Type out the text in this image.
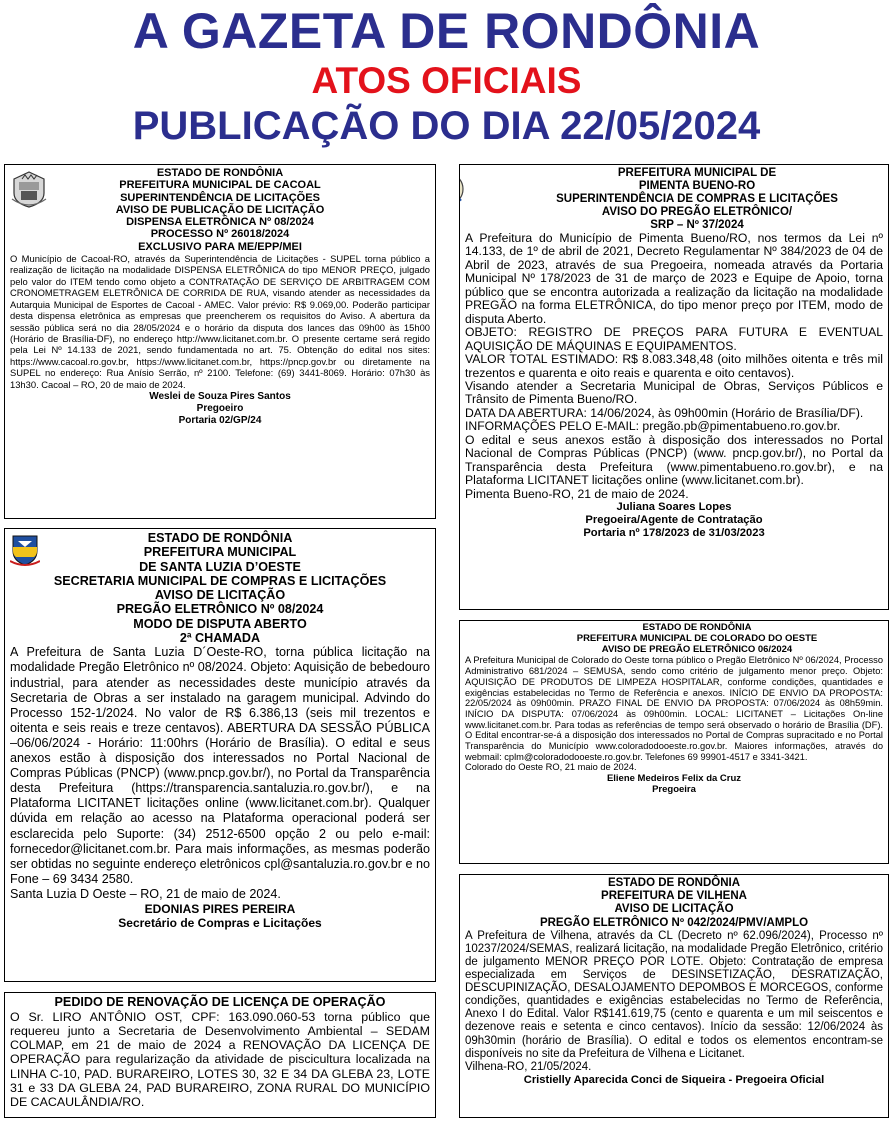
A GAZETA DE RONDÔNIA
ATOS OFICIAIS
PUBLICAÇÃO DO DIA 22/05/2024
ESTADO DE RONDÔNIA
PREFEITURA MUNICIPAL DE CACOAL
SUPERINTENDÊNCIA DE LICITAÇÕES
AVISO DE PUBLICAÇÃO DE LICITAÇÃO
DISPENSA ELETRÔNICA Nº 08/2024
PROCESSO Nº 26018/2024
EXCLUSIVO PARA ME/EPP/MEI
O Município de Cacoal-RO, através da Superintendência de Licitações - SUPEL torna público a realização de licitação na modalidade DISPENSA ELETRÔNICA do tipo MENOR PREÇO, julgado pelo valor do ITEM tendo como objeto a CONTRATAÇÃO DE SERVIÇO DE ARBITRAGEM COM CRONOMETRAGEM ELETRÔNICA DE CORRIDA DE RUA, visando atender as necessidades da Autarquia Municipal de Esportes de Cacoal - AMEC. Valor prévio: R$ 9.069,00. Poderão participar desta dispensa eletrônica as empresas que preencherem os requisitos do Aviso. A abertura da sessão pública será no dia 28/05/2024 e o horário da disputa dos lances das 09h00 às 15h00 (Horário de Brasília-DF), no endereço http://www.licitanet.com.br. O presente certame será regido pela Lei Nº 14.133 de 2021, sendo fundamentada no art. 75. Obtenção do edital nos sites: https://www.cacoal.ro.gov.br, https://www.licitanet.com.br, https://pncp.gov.br ou diretamente na SUPEL no endereço: Rua Anísio Serrão, nº 2100. Telefone: (69) 3441-8069. Horário: 07h30 às 13h30. Cacoal – RO, 20 de maio de 2024.
Weslei de Souza Pires Santos
Pregoeiro
Portaria 02/GP/24
ESTADO DE RONDÔNIA
PREFEITURA MUNICIPAL
DE SANTA LUZIA D’OESTE
SECRETARIA MUNICIPAL DE COMPRAS E LICITAÇÕES
AVISO DE LICITAÇÃO
PREGÃO ELETRÔNICO Nº 08/2024
MODO DE DISPUTA ABERTO
2ª CHAMADA
A Prefeitura de Santa Luzia D´Oeste-RO, torna pública licitação na modalidade Pregão Eletrônico nº 08/2024. Objeto: Aquisição de bebedouro industrial, para atender as necessidades deste município através da Secretaria de Obras a ser instalado na garagem municipal. Advindo do Processo 152-1/2024. No valor de R$ 6.386,13 (seis mil trezentos e oitenta e seis reais e treze centavos). ABERTURA DA SESSÃO PÚBLICA –06/06/2024 - Horário: 11:00hrs (Horário de Brasília). O edital e seus anexos estão à disposição dos interessados no Portal Nacional de Compras Públicas (PNCP) (www.pncp.gov.br/), no Portal da Transparência desta Prefeitura (https://transparencia.santaluzia.ro.gov.br/), e na Plataforma LICITANET licitações online (www.licitanet.com.br). Qualquer dúvida em relação ao acesso na Plataforma operacional poderá ser esclarecida pelo Suporte: (34) 2512-6500 opção 2 ou pelo e-mail: fornecedor@licitanet.com.br. Para mais informações, as mesmas poderão ser obtidas no seguinte endereço eletrônicos cpl@santaluzia.ro.gov.br e no Fone – 69 3434 2580.
Santa Luzia D Oeste – RO, 21 de maio de 2024.
EDONIAS PIRES PEREIRA
Secretário de Compras e Licitações
PEDIDO DE RENOVAÇÃO DE LICENÇA DE OPERAÇÃO
O Sr. LIRO ANTÔNIO OST, CPF: 163.090.060-53 torna público que requereu junto a Secretaria de Desenvolvimento Ambiental – SEDAM COLMAP, em 21 de maio de 2024 a RENOVAÇÃO DA LICENÇA DE OPERAÇÃO para regularização da atividade de piscicultura localizada na LINHA C-10, PAD. BURAREIRO, LOTES 30, 32 E 34 DA GLEBA 23, LOTE 31 e 33 DA GLEBA 24, PAD BURAREIRO, ZONA RURAL DO MUNICÍPIO DE CACAULÂNDIA/RO.
PREFEITURA MUNICIPAL DE
PIMENTA BUENO-RO
SUPERINTENDÊNCIA DE COMPRAS E LICITAÇÕES
AVISO DO PREGÃO ELETRÔNICO/
SRP – Nº 37/2024
A Prefeitura do Município de Pimenta Bueno/RO, nos termos da Lei nº 14.133, de 1º de abril de 2021, Decreto Regulamentar Nº 384/2023 de 04 de Abril de 2023, através de sua Pregoeira, nomeada através da Portaria Municipal Nº 178/2023 de 31 de março de 2023 e Equipe de Apoio, torna público que se encontra autorizada a realização da licitação na modalidade PREGÃO na forma ELETRÔNICA, do tipo menor preço por ITEM, modo de disputa Aberto.
OBJETO: REGISTRO DE PREÇOS PARA FUTURA E EVENTUAL AQUISIÇÃO DE MÁQUINAS E EQUIPAMENTOS.
VALOR TOTAL ESTIMADO: R$ 8.083.348,48 (oito milhões oitenta e três mil trezentos e quarenta e oito reais e quarenta e oito centavos).
Visando atender a Secretaria Municipal de Obras, Serviços Públicos e Trânsito de Pimenta Bueno/RO.
DATA DA ABERTURA: 14/06/2024, às 09h00min (Horário de Brasília/DF).
INFORMAÇÕES PELO E-MAIL: pregão.pb@pimentabueno.ro.gov.br.
O edital e seus anexos estão à disposição dos interessados no Portal Nacional de Compras Públicas (PNCP) (www. pncp.gov.br/), no Portal da Transparência desta Prefeitura (www.pimentabueno.ro.gov.br), e na Plataforma LICITANET licitações online (www.licitanet.com.br).
Pimenta Bueno-RO, 21 de maio de 2024.
Juliana Soares Lopes
Pregoeira/Agente de Contratação
Portaria nº 178/2023 de 31/03/2023
ESTADO DE RONDÔNIA
PREFEITURA MUNICIPAL DE COLORADO DO OESTE
AVISO DE PREGÃO ELETRÔNICO 06/2024
A Prefeitura Municipal de Colorado do Oeste torna público o Pregão Eletrônico Nº 06/2024, Processo Administrativo 681/2024 – SEMUSA, sendo como critério de julgamento menor preço. Objeto: AQUISIÇÃO DE PRODUTOS DE LIMPEZA HOSPITALAR, conforme condições, quantidades e exigências estabelecidas no Termo de Referência e anexos. INÍCIO DE ENVIO DA PROPOSTA: 22/05/2024 às 09h00min. PRAZO FINAL DE ENVIO DA PROPOSTA: 07/06/2024 às 08h59min. INÍCIO DA DISPUTA: 07/06/2024 às 09h00min. LOCAL: LICITANET – Licitações On-line www.licitanet.com.br. Para todas as referências de tempo será observado o horário de Brasília (DF). O Edital encontrar-se-á a disposição dos interessados no Portal de Compras supracitado e no Portal Transparência do Município www.coloradodooeste.ro.gov.br. Maiores informações, através do webmail: cplm@coloradodooeste.ro.gov.br. Telefones 69 99901-4517 e 3341-3421.
Colorado do Oeste RO, 21 maio de 2024.
Eliene Medeiros Felix da Cruz
Pregoeira
ESTADO DE RONDÔNIA
PREFEITURA DE VILHENA
AVISO DE LICITAÇÃO
PREGÃO ELETRÔNICO Nº 042/2024/PMV/AMPLO
A Prefeitura de Vilhena, através da CL (Decreto nº 62.096/2024), Processo nº 10237/2024/SEMAS, realizará licitação, na modalidade Pregão Eletrônico, critério de julgamento MENOR PREÇO POR LOTE. Objeto: Contratação de empresa especializada em Serviços de DESINSETIZAÇÃO, DESRATIZAÇÃO, DESCUPINIZAÇÃO, DESALOJAMENTO DEPOMBOS E MORCEGOS, conforme condições, quantidades e exigências estabelecidas no Termo de Referência, Anexo I do Edital. Valor R$141.619,75 (cento e quarenta e um mil seiscentos e dezenove reais e setenta e cinco centavos). Início da sessão: 12/06/2024 às 09h30min (horário de Brasília). O edital e todos os elementos encontram-se disponíveis no site da Prefeitura de Vilhena e Licitanet.
Vilhena-RO, 21/05/2024.
Cristielly Aparecida Conci de Siqueira - Pregoeira Oficial
